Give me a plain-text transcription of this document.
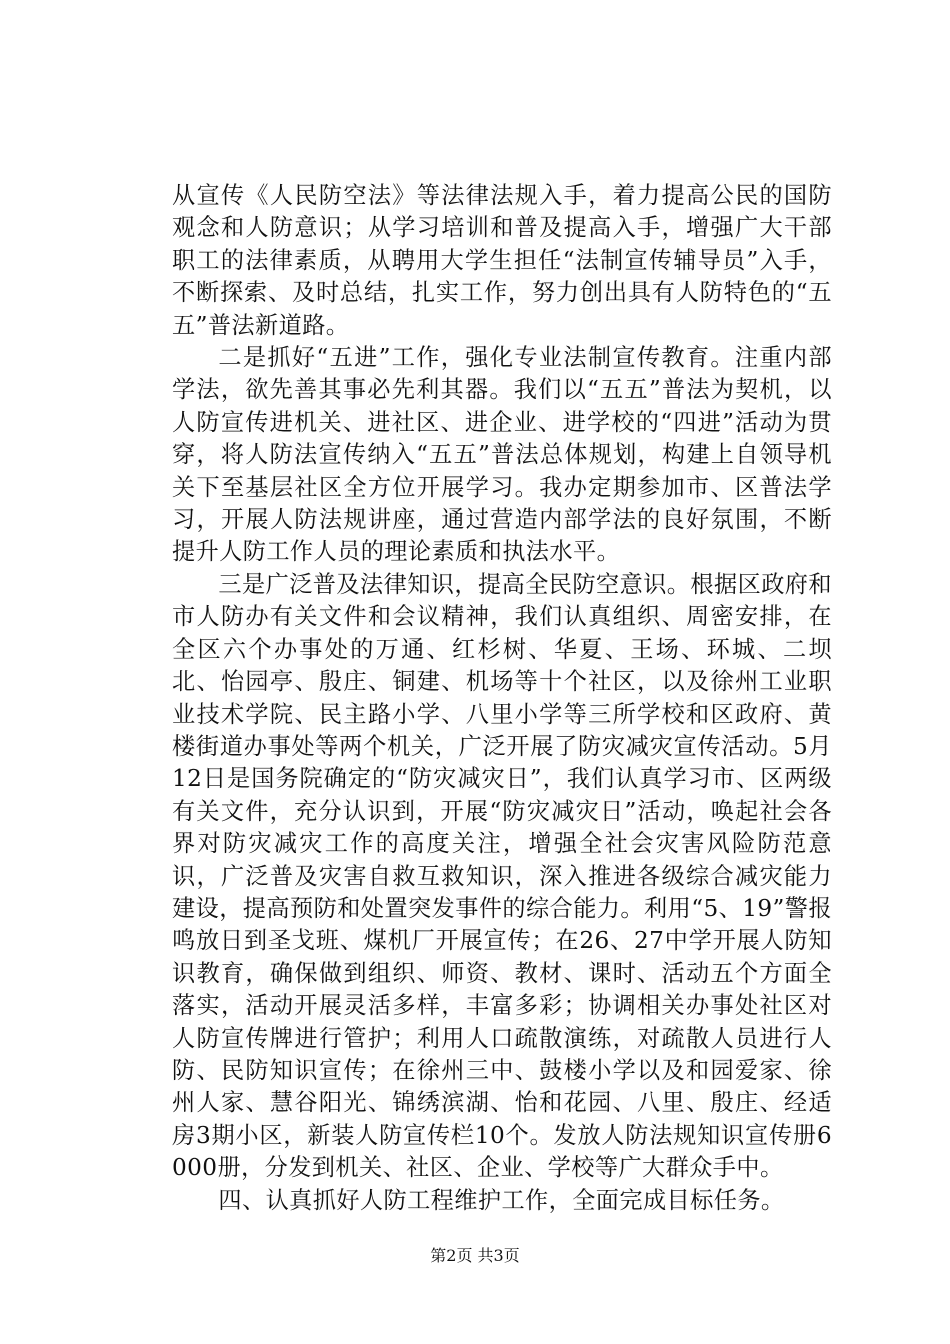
从宣传《人民防空法》等法律法规入手，着力提高公民的国防观念和人防意识；从学习培训和普及提高入手，增强广大干部职工的法律素质，从聘用大学生担任“法制宣传辅导员”入手，不断探索、及时总结，扎实工作，努力创出具有人防特色的“五五”普法新道路。

二是抓好“五进”工作，强化专业法制宣传教育。注重内部学法，欲先善其事必先利其器。我们以“五五”普法为契机，以人防宣传进机关、进社区、进企业、进学校的“四进”活动为贯穿，将人防法宣传纳入“五五”普法总体规划，构建上自领导机关下至基层社区全方位开展学习。我办定期参加市、区普法学习，开展人防法规讲座，通过营造内部学法的良好氛围，不断提升人防工作人员的理论素质和执法水平。

三是广泛普及法律知识，提高全民防空意识。根据区政府和市人防办有关文件和会议精神，我们认真组织、周密安排，在全区六个办事处的万通、红杉树、华夏、王场、环城、二坝北、怡园亭、殷庄、铜建、机场等十个社区，以及徐州工业职业技术学院、民主路小学、八里小学等三所学校和区政府、黄楼街道办事处等两个机关，广泛开展了防灾减灾宣传活动。5月12日是国务院确定的“防灾减灾日”，我们认真学习市、区两级有关文件，充分认识到，开展“防灾减灾日”活动，唤起社会各界对防灾减灾工作的高度关注，增强全社会灾害风险防范意识，广泛普及灾害自救互救知识，深入推进各级综合减灾能力建设，提高预防和处置突发事件的综合能力。利用“5、19”警报鸣放日到圣戈班、煤机厂开展宣传；在26、27中学开展人防知识教育，确保做到组织、师资、教材、课时、活动五个方面全落实，活动开展灵活多样，丰富多彩；协调相关办事处社区对人防宣传牌进行管护；利用人口疏散演练，对疏散人员进行人防、民防知识宣传；在徐州三中、鼓楼小学以及和园爱家、徐州人家、慧谷阳光、锦绣滨湖、怡和花园、八里、殷庄、经适房3期小区，新装人防宣传栏10个。发放人防法规知识宣传册6000册，分发到机关、社区、企业、学校等广大群众手中。

四、认真抓好人防工程维护工作，全面完成目标任务。

第2页 共3页
